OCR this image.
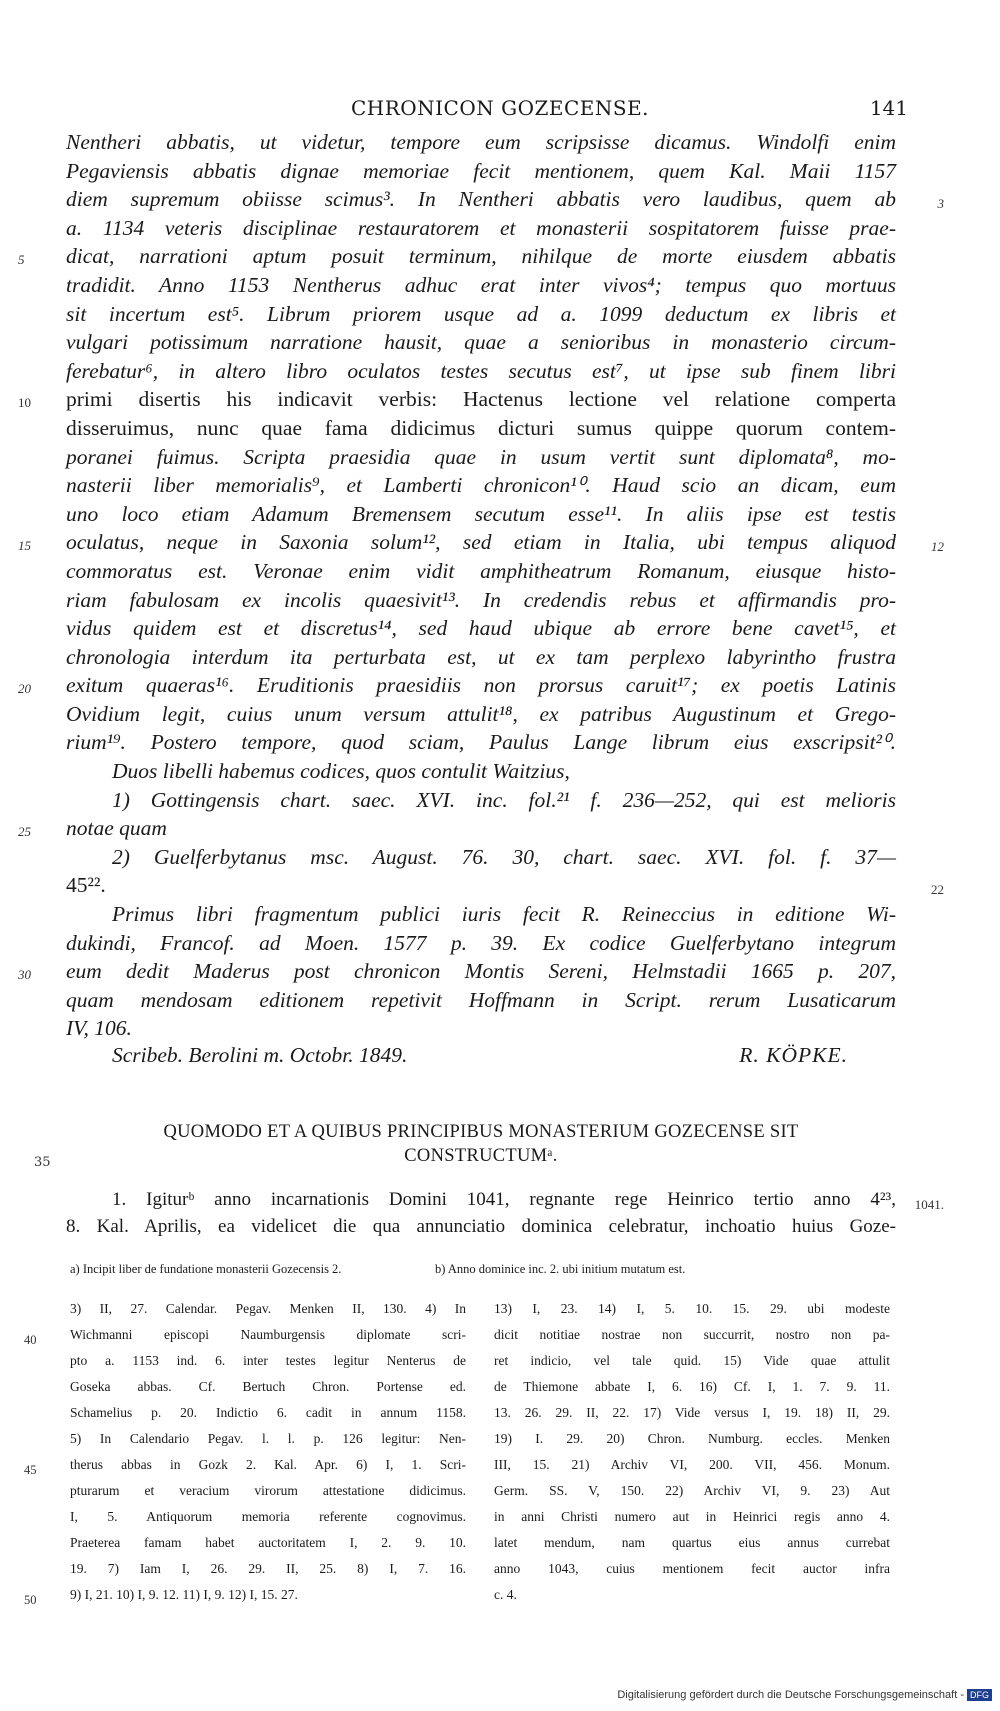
CHRONICON GOZECENSE.	141
Nentheri abbatis, ut videtur, tempore eum scripsisse dicamus. Windolfi enim
Pegaviensis abbatis dignae memoriae fecit mentionem, quem Kal. Maii 1157
diem supremum obiisse scimus³. In Nentheri abbatis vero laudibus, quem ab	3
a. 1134 veteris disciplinae restauratorem et monasterii sospitatorem fuisse prae-
dicat, narrationi aptum posuit terminum, nihilque de morte eiusdem abbatis
5
tradidit. Anno 1153 Nentherus adhuc erat inter vivos⁴; tempus quo mortuus
sit incertum est⁵. Librum priorem usque ad a. 1099 deductum ex libris et
vulgari potissimum narratione hausit, quae a senioribus in monasterio circum-
ferebatur⁶, in altero libro oculatos testes secutus est⁷, ut ipse sub finem libri
primi disertis his indicavit verbis: Hactenus lectione vel relatione comperta
10
disseruimus, nunc quae fama didicimus dicturi sumus quippe quorum contem-
poranei fuimus. Scripta praesidia quae in usum vertit sunt diplomata⁸, mo-
nasterii liber memorialis⁹, et Lamberti chronicon¹⁰. Haud scio an dicam, eum
uno loco etiam Adamum Bremensem secutum esse¹¹. In aliis ipse est testis
oculatus, neque in Saxonia solum¹², sed etiam in Italia, ubi tempus aliquod
15	12
commoratus est. Veronae enim vidit amphitheatrum Romanum, eiusque histo-
riam fabulosam ex incolis quaesivit¹³. In credendis rebus et affirmandis pro-
vidus quidem est et discretus¹⁴, sed haud ubique ab errore bene cavet¹⁵, et
chronologia interdum ita perturbata est, ut ex tam perplexo labyrintho frustra
exitum quaeras¹⁶. Eruditionis praesidiis non prorsus caruit¹⁷; ex poetis Latinis
20
Ovidium legit, cuius unum versum attulit¹⁸, ex patribus Augustinum et Grego-
rium¹⁹. Postero tempore, quod sciam, Paulus Lange librum eius exscripsit²⁰.
Duos libelli habemus codices, quos contulit Waitzius,
1) Gottingensis chart. saec. XVI. inc. fol.²¹ f. 236—252, qui est melioris
notae quam
25
2) Guelferbytanus msc. August. 76. 30, chart. saec. XVI. fol. f. 37—
45²².	22
Primus libri fragmentum publici iuris fecit R. Reineccius in editione Wi-
dukindi, Francof. ad Moen. 1577 p. 39. Ex codice Guelferbytano integrum
eum dedit Maderus post chronicon Montis Sereni, Helmstadii 1665 p. 207,
30
quam mendosam editionem repetivit Hoffmann in Script. rerum Lusaticarum
IV, 106.
Scribeb. Berolini m. Octobr. 1849.	R. KÖPKE.
QUOMODO ET A QUIBUS PRINCIPIBUS MONASTERIUM GOZECENSE SIT
CONSTRUCTUMᵃ.
35
1. Igiturᵇ anno incarnationis Domini 1041, regnante rege Heinrico tertio anno 4²³, 1041.
8. Kal. Aprilis, ea videlicet die qua annunciatio dominica celebratur, inchoatio huius Goze-
a) Incipit liber de fundatione monasterii Gozecensis 2.	b) Anno dominice inc. 2. ubi initium mutatum est.
3) II, 27. Calendar. Pegav. Menken II, 130. 4) In
Wichmanni episcopi Naumburgensis diplomate scri-
40
pto a. 1153 ind. 6. inter testes legitur Nenterus de
Goseka abbas. Cf. Bertuch Chron. Portense ed.
Schamelius p. 20. Indictio 6. cadit in annum 1158.
5) In Calendario Pegav. l. l. p. 126 legitur: Nen-
therus abbas in Gozk 2. Kal. Apr. 6) I, 1. Scri-
45
pturarum et veracium virorum attestatione didicimus.
I, 5. Antiquorum memoria referente cognovimus.
Praeterea famam habet auctoritatem I, 2. 9. 10.
19. 7) Iam I, 26. 29. II, 25. 8) I, 7. 16.
9) I, 21. 10) I, 9. 12. 11) I, 9. 12) I, 15. 27.
50
13) I, 23. 14) I, 5. 10. 15. 29. ubi modeste
dicit notitiae nostrae non succurrit, nostro non pa-
ret indicio, vel tale quid. 15) Vide quae attulit
de Thiemone abbate I, 6. 16) Cf. I, 1. 7. 9. 11.
13. 26. 29. II, 22. 17) Vide versus I, 19. 18) II, 29.
19) I. 29. 20) Chron. Numburg. eccles. Menken
III, 15. 21) Archiv VI, 200. VII, 456. Monum.
Germ. SS. V, 150. 22) Archiv VI, 9. 23) Aut
in anni Christi numero aut in Heinrici regis anno 4.
latet mendum, nam quartus eius annus currebat
anno 1043, cuius mentionem fecit auctor infra
c. 4.
Digitalisierung gefördert durch die Deutsche Forschungsgemeinschaft - DFG
